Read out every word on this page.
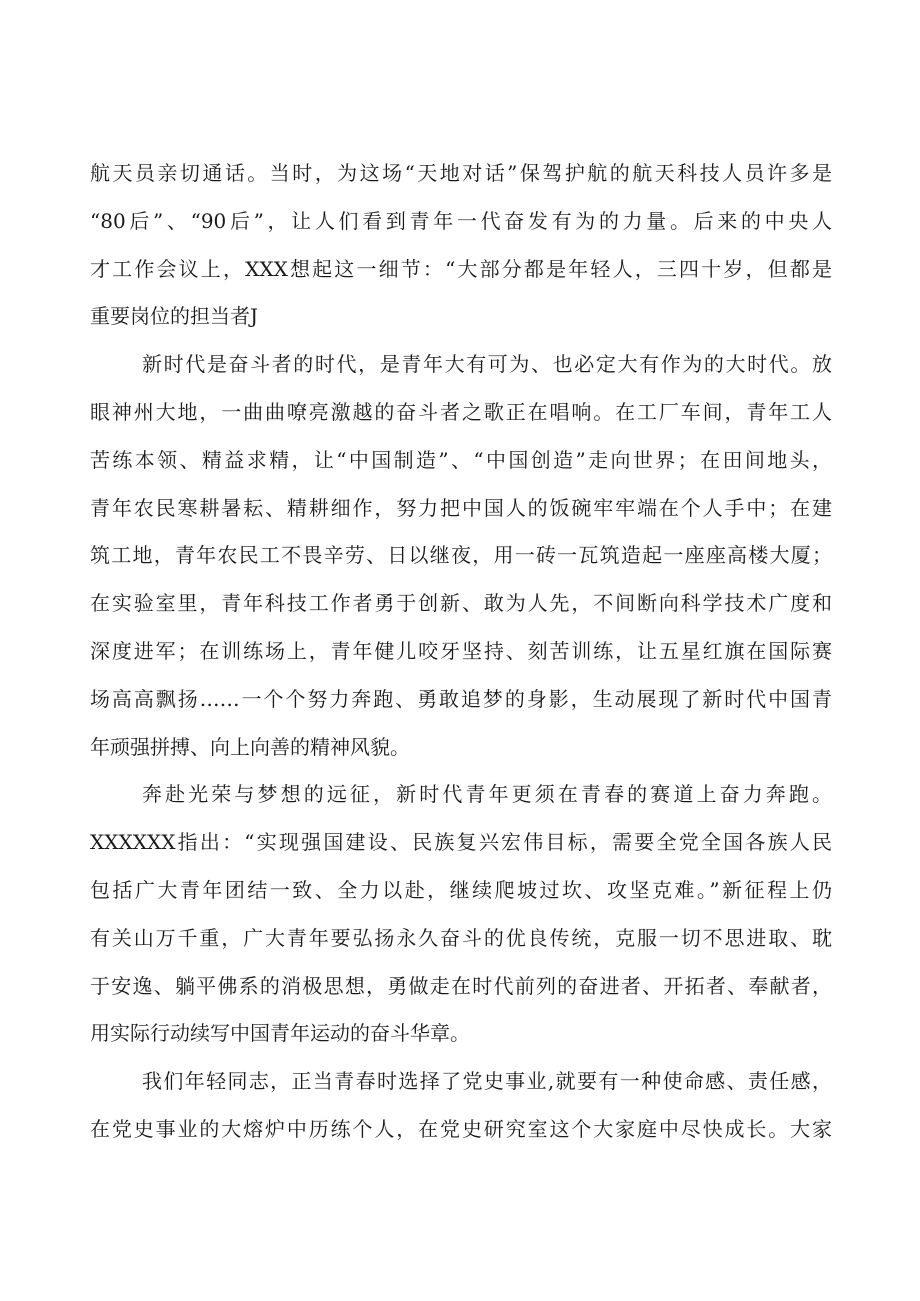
航天员亲切通话。当时，为这场“天地对话”保驾护航的航天科技人员许多是
“80后”、“90后”，让人们看到青年一代奋发有为的力量。后来的中央人
才工作会议上，XXX想起这一细节：“大部分都是年轻人，三四十岁，但都是
重要岗位的担当者J
新时代是奋斗者的时代，是青年大有可为、也必定大有作为的大时代。放
眼神州大地，一曲曲嘹亮激越的奋斗者之歌正在唱响。在工厂车间，青年工人
苦练本领、精益求精，让“中国制造”、“中国创造”走向世界；在田间地头，
青年农民寒耕暑耘、精耕细作，努力把中国人的饭碗牢牢端在个人手中；在建
筑工地，青年农民工不畏辛劳、日以继夜，用一砖一瓦筑造起一座座高楼大厦；
在实验室里，青年科技工作者勇于创新、敢为人先，不间断向科学技术广度和
深度进军；在训练场上，青年健儿咬牙坚持、刻苦训练，让五星红旗在国际赛
场高高飘扬……一个个努力奔跑、勇敢追梦的身影，生动展现了新时代中国青
年顽强拼搏、向上向善的精神风貌。
奔赴光荣与梦想的远征，新时代青年更须在青春的赛道上奋力奔跑。
XXXXXX指出：“实现强国建设、民族复兴宏伟目标，需要全党全国各族人民
包括广大青年团结一致、全力以赴，继续爬坡过坎、攻坚克难。”新征程上仍
有关山万千重，广大青年要弘扬永久奋斗的优良传统，克服一切不思进取、耽
于安逸、躺平佛系的消极思想，勇做走在时代前列的奋进者、开拓者、奉献者，
用实际行动续写中国青年运动的奋斗华章。
我们年轻同志，正当青春时选择了党史事业,就要有一种使命感、责任感，
在党史事业的大熔炉中历练个人，在党史研究室这个大家庭中尽快成长。大家
